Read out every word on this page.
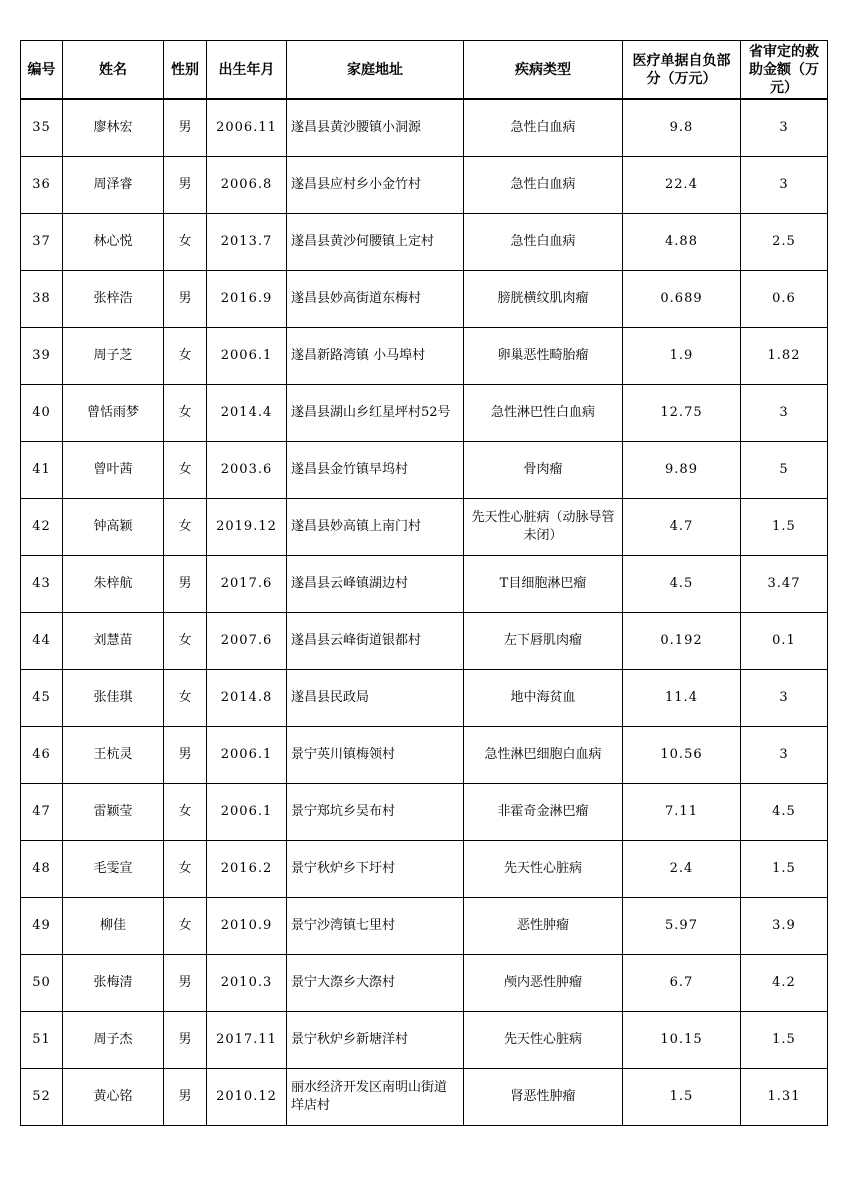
编号	姓名	性别	出生年月	家庭地址	疾病类型	医疗单据自负部分（万元）	省审定的救助金额（万元）
35	廖林宏	男	2006.11	遂昌县黄沙腰镇小洞源	急性白血病	9.8	3
36	周泽睿	男	2006.8	遂昌县应村乡小金竹村	急性白血病	22.4	3
37	林心悦	女	2013.7	遂昌县黄沙何腰镇上定村	急性白血病	4.88	2.5
38	张梓浩	男	2016.9	遂昌县妙高街道东梅村	膀胱横纹肌肉瘤	0.689	0.6
39	周子芝	女	2006.1	遂昌新路湾镇 小马埠村	卵巢恶性畸胎瘤	1.9	1.82
40	曾恬雨梦	女	2014.4	遂昌县湖山乡红星坪村52号	急性淋巴性白血病	12.75	3
41	曾叶茜	女	2003.6	遂昌县金竹镇早坞村	骨肉瘤	9.89	5
42	钟高颖	女	2019.12	遂昌县妙高镇上南门村	先天性心脏病（动脉导管未闭）	4.7	1.5
43	朱梓航	男	2017.6	遂昌县云峰镇湖边村	T目细胞淋巴瘤	4.5	3.47
44	刘慧苗	女	2007.6	遂昌县云峰街道银都村	左下唇肌肉瘤	0.192	0.1
45	张佳琪	女	2014.8	遂昌县民政局	地中海贫血	11.4	3
46	王杭灵	男	2006.1	景宁英川镇梅领村	急性淋巴细胞白血病	10.56	3
47	雷颖莹	女	2006.1	景宁郑坑乡吴布村	非霍奇金淋巴瘤	7.11	4.5
48	毛雯宣	女	2016.2	景宁秋炉乡下圩村	先天性心脏病	2.4	1.5
49	柳佳	女	2010.9	景宁沙湾镇七里村	恶性肿瘤	5.97	3.9
50	张梅清	男	2010.3	景宁大漈乡大漈村	颅内恶性肿瘤	6.7	4.2
51	周子杰	男	2017.11	景宁秋炉乡新塘洋村	先天性心脏病	10.15	1.5
52	黄心铭	男	2010.12	丽水经济开发区南明山街道垟店村	肾恶性肿瘤	1.5	1.31
